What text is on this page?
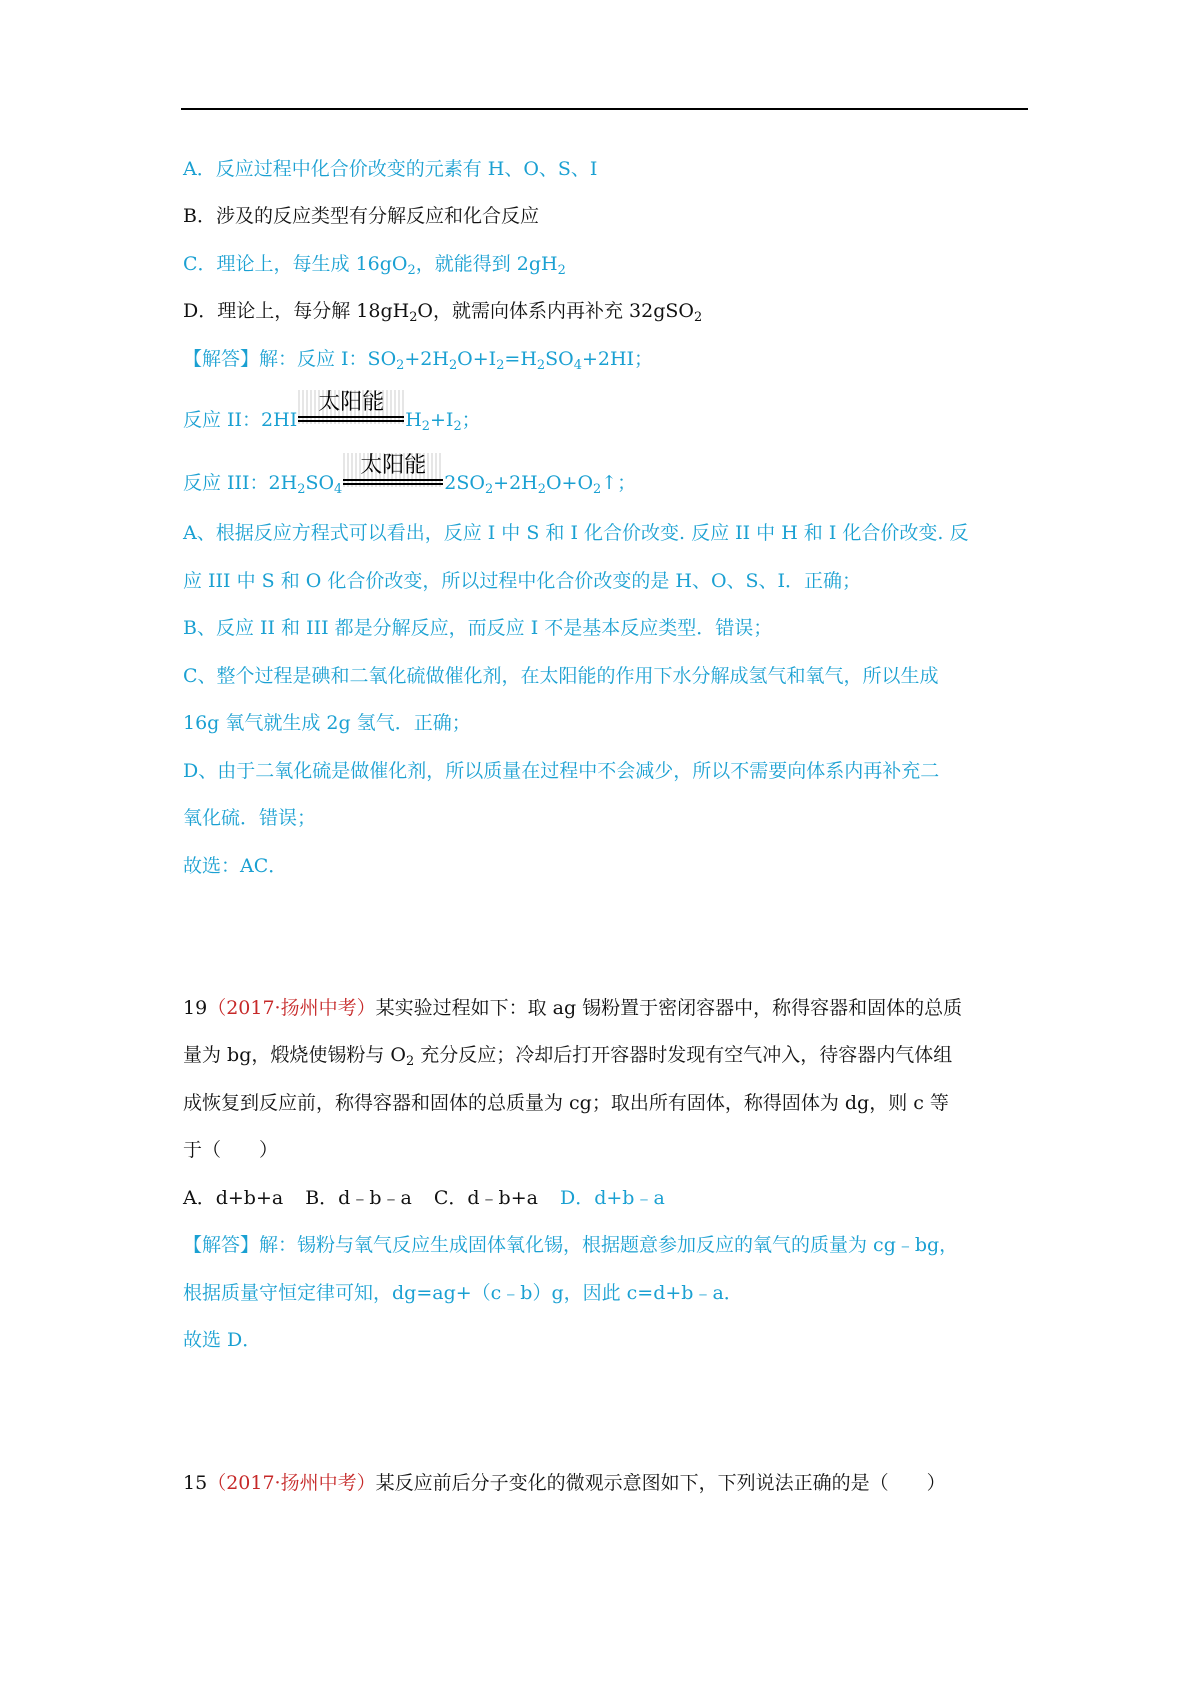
A．反应过程中化合价改变的元素有 H、O、S、I
B．涉及的反应类型有分解反应和化合反应
C．理论上，每生成 $16gO_2$，就能得到 $2gH_2$
D．理论上，每分解 $18gH_2O$，就需向体系内再补充 32gSO$_2$
【解答】解：反应 I：$SO_2+2H_2O+I_2=H_2SO_4+2HI$；
反应 II：2HI
太阳能
$H_2+I_2$；
反应 III：$2H_2SO_4$
太阳能
$2SO_2+2H_2O+O_2↑$；
A、根据反应方程式可以看出，反应 I 中 S 和 I 化合价改变. 反应 II 中 H 和 I 化合价改变. 反
应 III 中 S 和 O 化合价改变，所以过程中化合价改变的是 H、O、S、I．正确；
B、反应 II 和 III 都是分解反应，而反应 I 不是基本反应类型．错误；
C、整个过程是碘和二氧化硫做催化剂，在太阳能的作用下水分解成氢气和氧气，所以生成
16g 氧气就生成 2g 氢气．正确；
D、由于二氧化硫是做催化剂，所以质量在过程中不会减少，所以不需要向体系内再补充二
氧化硫．错误；
故选：AC．
19（2017·扬州中考）某实验过程如下：取 ag 锡粉置于密闭容器中，称得容器和固体的总质
量为 bg，煅烧使锡粉与 $O_2$ 充分反应；冷却后打开容器时发现有空气冲入，待容器内气体组
成恢复到反应前，称得容器和固体的总质量为 cg；取出所有固体，称得固体为 dg，则 c 等
于（　　）
A．d+b+a B．d﹣b﹣a C．d﹣b+a D．d+b﹣a
【解答】解：锡粉与氧气反应生成固体氧化锡，根据题意参加反应的氧气的质量为 cg﹣bg，
根据质量守恒定律可知，dg=ag+（c﹣b）g，因此 c=d+b﹣a．
故选 D．
15（2017·扬州中考）某反应前后分子变化的微观示意图如下，下列说法正确的是（　　）
